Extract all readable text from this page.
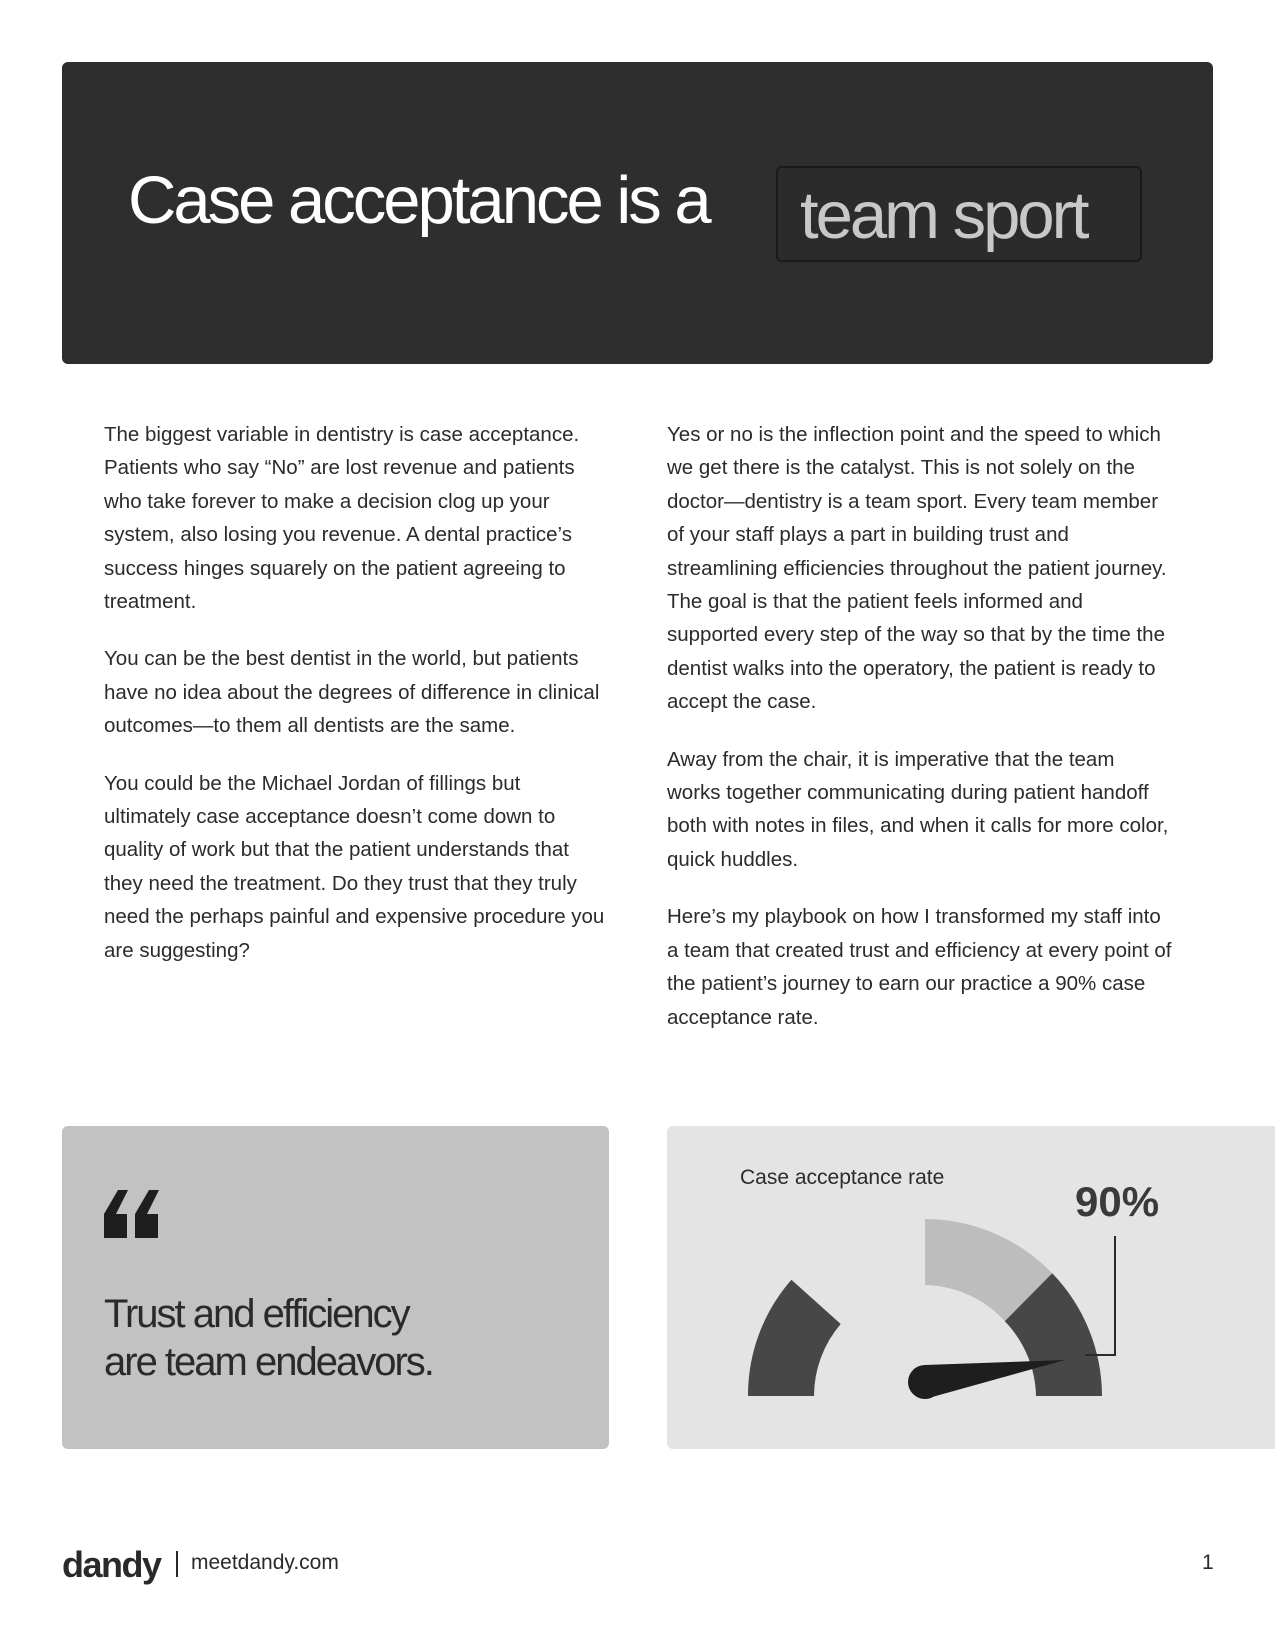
Case acceptance is a team sport

The biggest variable in dentistry is case acceptance. Patients who say “No” are lost revenue and patients who take forever to make a decision clog up your system, also losing you revenue. A dental practice’s success hinges squarely on the patient agreeing to treatment.

You can be the best dentist in the world, but patients have no idea about the degrees of difference in clinical outcomes—to them all dentists are the same.

You could be the Michael Jordan of fillings but ultimately case acceptance doesn’t come down to quality of work but that the patient understands that they need the treatment. Do they trust that they truly need the perhaps painful and expensive procedure you are suggesting?

Yes or no is the inflection point and the speed to which we get there is the catalyst. This is not solely on the doctor—dentistry is a team sport. Every team member of your staff plays a part in building trust and streamlining efficiencies throughout the patient journey. The goal is that the patient feels informed and supported every step of the way so that by the time the dentist walks into the operatory, the patient is ready to accept the case.

Away from the chair, it is imperative that the team works together communicating during patient handoff both with notes in files, and when it calls for more color, quick huddles.

Here’s my playbook on how I transformed my staff into a team that created trust and efficiency at every point of the patient’s journey to earn our practice a 90% case acceptance rate.

Trust and efficiency
are team endeavors.
Case acceptance rate
90%
dandy meetdandy.com	1
